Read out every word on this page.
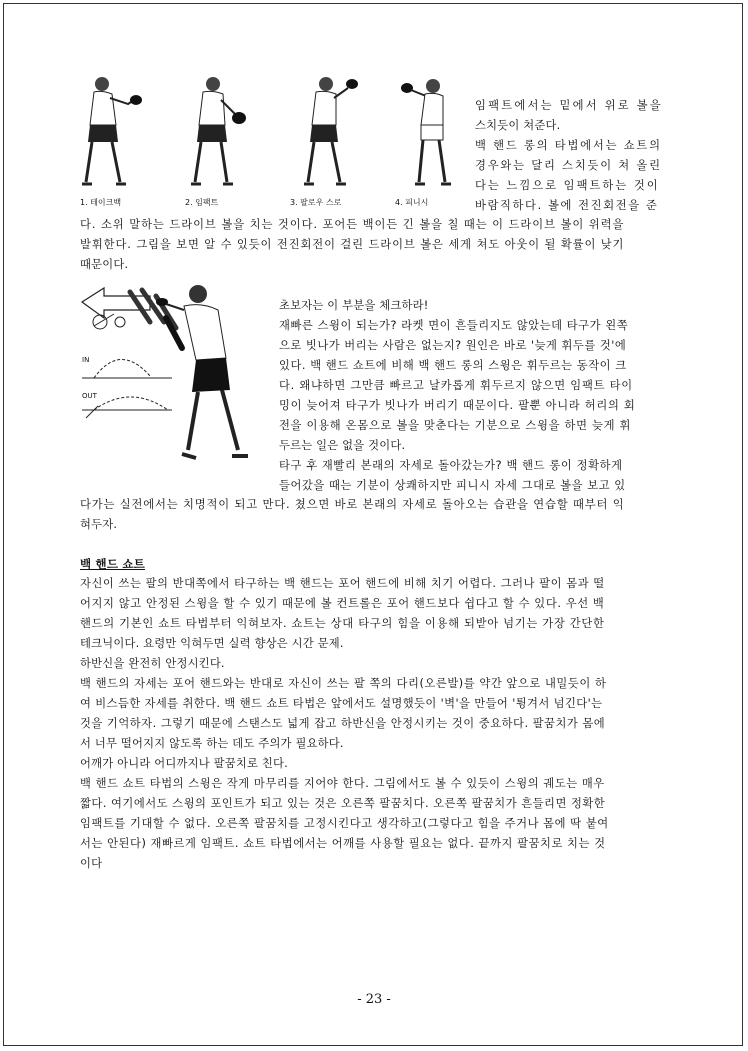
1. 테이크백	2. 임팩트	3. 팔로우 스로	4. 피니시
임팩트에서는 밑에서 위로 볼을
스치듯이 쳐준다.
백 핸드 롱의 타법에서는 쇼트의
경우와는 달리 스치듯이 쳐 올린
다는 느낌으로 임팩트하는 것이
바람직하다. 볼에 전진회전을 준
다. 소위 말하는 드라이브 볼을 치는 것이다. 포어든 백이든 긴 볼을 칠 때는 이 드라이브 볼이 위력을
발휘한다. 그림을 보면 알 수 있듯이 전진회전이 걸린 드라이브 볼은 세게 쳐도 아웃이 될 확률이 낮기
때문이다.
IN
OUT
초보자는 이 부분을 체크하라!
재빠른 스윙이 되는가? 라켓 면이 흔들리지도 않았는데 타구가 왼쪽
으로 빗나가 버리는 사람은 없는지? 원인은 바로 '늦게 휘두를 것'에
있다. 백 핸드 쇼트에 비해 백 핸드 롱의 스윙은 휘두르는 동작이 크
다. 왜냐하면 그만큼 빠르고 날카롭게 휘두르지 않으면 임팩트 타이
밍이 늦어져 타구가 빗나가 버리기 때문이다. 팔뿐 아니라 허리의 회
전을 이용해 온몸으로 볼을 맞춘다는 기분으로 스윙을 하면 늦게 휘
두르는 일은 없을 것이다.
타구 후 재빨리 본래의 자세로 돌아갔는가? 백 핸드 롱이 정확하게
들어갔을 때는 기분이 상쾌하지만 피니시 자세 그대로 볼을 보고 있
다가는 실전에서는 치명적이 되고 만다. 쳤으면 바로 본래의 자세로 돌아오는 습관을 연습할 때부터 익
혀두자.
백 핸드 쇼트
자신이 쓰는 팔의 반대쪽에서 타구하는 백 핸드는 포어 핸드에 비해 치기 어렵다. 그러나 팔이 몸과 떨
어지지 않고 안정된 스윙을 할 수 있기 때문에 볼 컨트롤은 포어 핸드보다 쉽다고 할 수 있다. 우선 백
핸드의 기본인 쇼트 타법부터 익혀보자. 쇼트는 상대 타구의 힘을 이용해 되받아 넘기는 가장 간단한
테크닉이다. 요령만 익혀두면 실력 향상은 시간 문제.
하반신을 완전히 안정시킨다.
백 핸드의 자세는 포어 핸드와는 반대로 자신이 쓰는 팔 쪽의 다리(오른발)를 약간 앞으로 내밀듯이 하
여 비스듬한 자세를 취한다. 백 핸드 쇼트 타법은 앞에서도 설명했듯이 '벽'을 만들어 '튕겨서 넘긴다'는
것을 기억하자. 그렇기 때문에 스탠스도 넓게 잡고 하반신을 안정시키는 것이 중요하다. 팔꿈치가 몸에
서 너무 떨어지지 않도록 하는 데도 주의가 필요하다.
어깨가 아니라 어디까지나 팔꿈치로 친다.
백 핸드 쇼트 타법의 스윙은 작게 마무리를 지어야 한다. 그림에서도 볼 수 있듯이 스윙의 궤도는 매우
짧다. 여기에서도 스윙의 포인트가 되고 있는 것은 오른쪽 팔꿈치다. 오른쪽 팔꿈치가 흔들리면 정확한
임팩트를 기대할 수 없다. 오른쪽 팔꿈치를 고정시킨다고 생각하고(그렇다고 힘을 주거나 몸에 딱 붙여
서는 안된다) 재빠르게 임팩트. 쇼트 타법에서는 어깨를 사용할 필요는 없다. 끝까지 팔꿈치로 치는 것
이다
- 23 -
